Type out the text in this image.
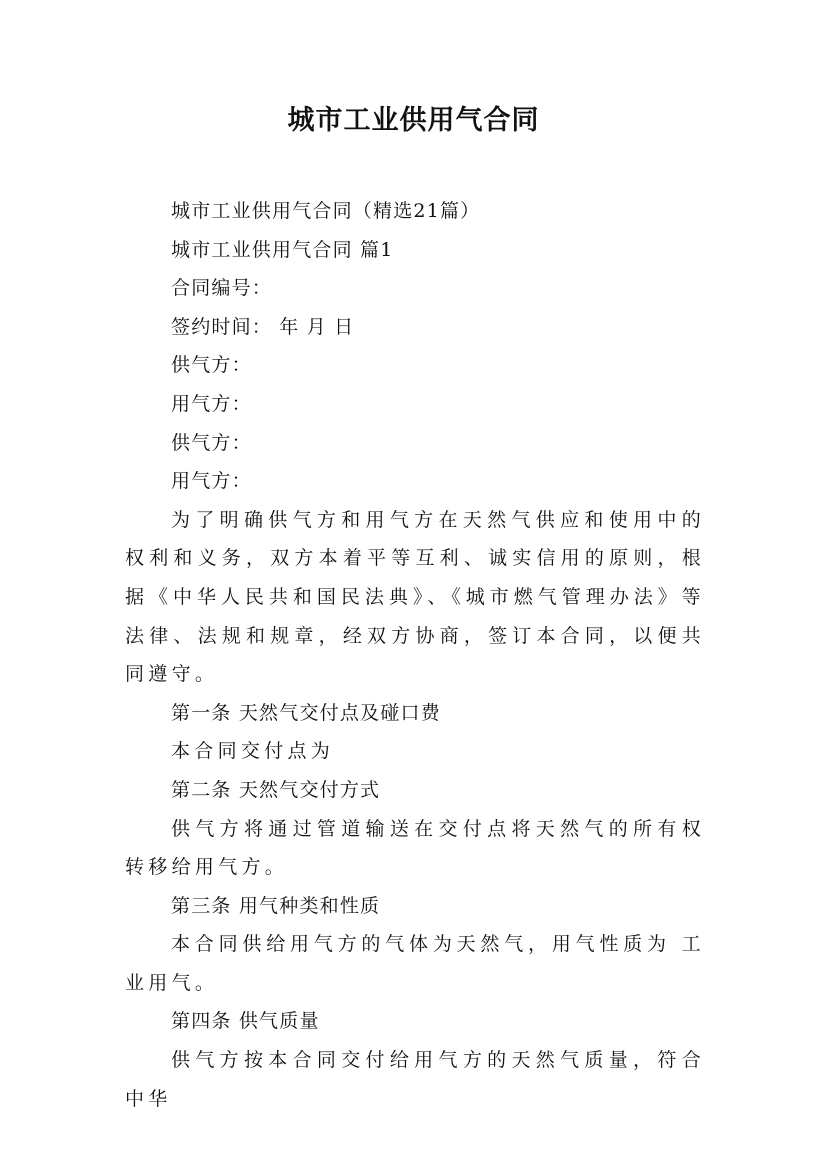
城市工业供用气合同

城市工业供用气合同（精选21篇）

城市工业供用气合同 篇1

合同编号：

签约时间： 年 月 日

供气方：

用气方：

供气方：

用气方：

为了明确供气方和用气方在天然气供应和使用中的权利和义务，双方本着平等互利、诚实信用的原则，根据《中华人民共和国民法典》、《城市燃气管理办法》等法律、法规和规章，经双方协商，签订本合同，以便共同遵守。

第一条 天然气交付点及碰口费

本合同交付点为

第二条 天然气交付方式

供气方将通过管道输送在交付点将天然气的所有权转移给用气方。

第三条 用气种类和性质

本合同供给用气方的气体为天然气，用气性质为 工业用气。

第四条 供气质量

供气方按本合同交付给用气方的天然气质量，符合中华
